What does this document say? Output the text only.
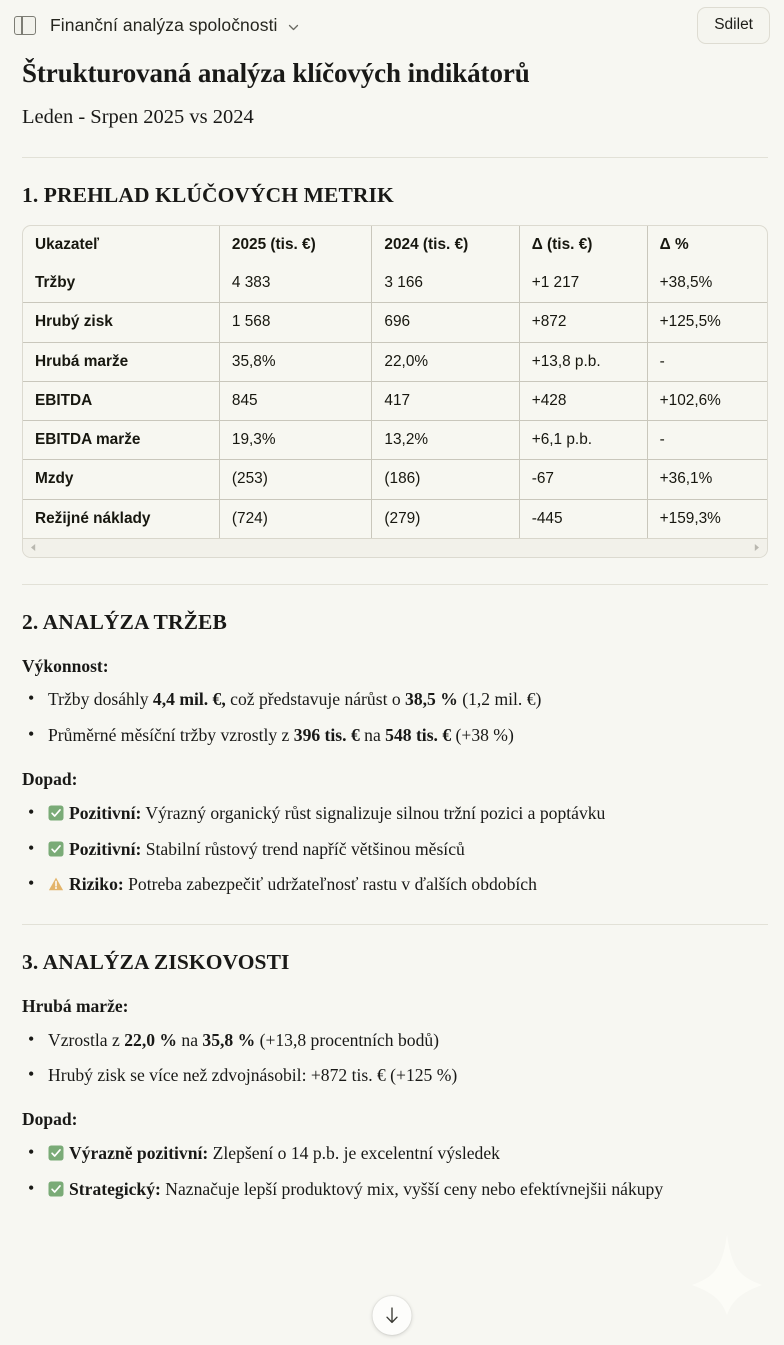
Finanční analýza spoločnosti	Sdilet
Štrukturovaná analýza klíčových indikátorů
Leden - Srpen 2025 vs 2024
1. PREHLAD KLÚČOVÝCH METRIK
Ukazateľ	2025 (tis. €)	2024 (tis. €)	Δ (tis. €)	Δ %
Tržby	4 383	3 166	+1 217	+38,5%
Hrubý zisk	1 568	696	+872	+125,5%
Hrubá marže	35,8%	22,0%	+13,8 p.b.	-
EBITDA	845	417	+428	+102,6%
EBITDA marže	19,3%	13,2%	+6,1 p.b.	-
Mzdy	(253)	(186)	-67	+36,1%
Režijné náklady	(724)	(279)	-445	+159,3%
2. ANALÝZA TRŽEB
Výkonnost:
• Tržby dosáhly 4,4 mil. €, což představuje nárůst o 38,5 % (1,2 mil. €)
• Průměrné měsíční tržby vzrostly z 396 tis. € na 548 tis. € (+38 %)
Dopad:
• Pozitivní: Výrazný organický růst signalizuje silnou tržní pozici a poptávku
• Pozitivní: Stabilní růstový trend napříč většinou měsíců
• Riziko: Potreba zabezpečiť udržateľnosť rastu v ďalších obdobích
3. ANALÝZA ZISKOVOSTI
Hrubá marže:
• Vzrostla z 22,0 % na 35,8 % (+13,8 procentních bodů)
• Hrubý zisk se více než zdvojnásobil: +872 tis. € (+125 %)
Dopad:
• Výrazně pozitivní: Zlepšení o 14 p.b. je excelentní výsledek
• Strategický: Naznačuje lepší produktový mix, vyšší ceny nebo efektívnejšii nákupy
